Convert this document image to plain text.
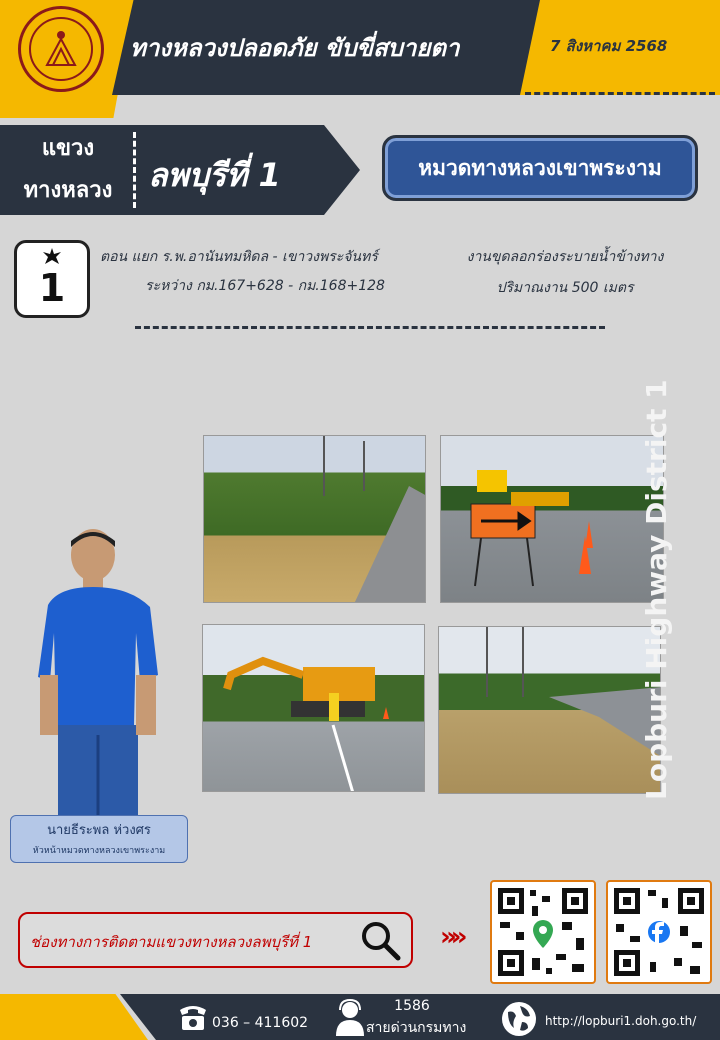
ทางหลวงปลอดภัย ขับขี่สบายตา	7 สิงหาคม 2568
แขวง
ทางหลวง	ลพบุรีที่ 1	หมวดทางหลวงเขาพระงาม
1
ตอน แยก ร.พ.อานันทมหิดล - เขาวงพระจันทร์
ระหว่าง กม.167+628 - กม.168+128
งานขุดลอกร่องระบายน้ำข้างทาง
ปริมาณงาน 500 เมตร
Lopburi Highway District 1
นายธีระพล ห่วงศร
หัวหน้าหมวดทางหลวงเขาพระงาม
ช่องทางการติดตามแขวงทางหลวงลพบุรีที่ 1	»»
036 – 411602
1586
สายด่วนกรมทาง	http://lopburi1.doh.go.th/
